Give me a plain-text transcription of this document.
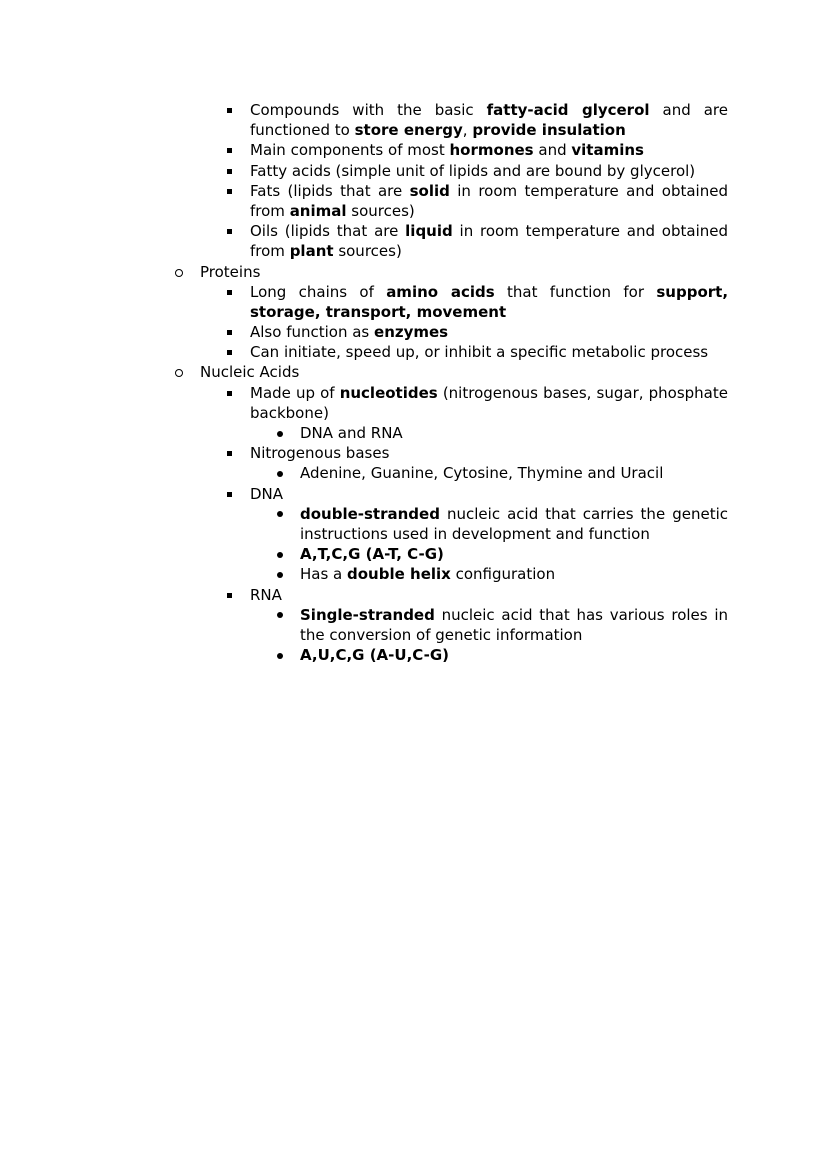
Compounds with the basic fatty-acid glycerol and are
functioned to store energy, provide insulation
Main components of most hormones and vitamins
Fatty acids (simple unit of lipids and are bound by glycerol)
Fats (lipids that are solid in room temperature and obtained
from animal sources)
Oils (lipids that are liquid in room temperature and obtained
from plant sources)
Proteins
Long chains of amino acids that function for support,
storage, transport, movement
Also function as enzymes
Can initiate, speed up, or inhibit a specific metabolic process
Nucleic Acids
Made up of nucleotides (nitrogenous bases, sugar, phosphate
backbone)
DNA and RNA
Nitrogenous bases
Adenine, Guanine, Cytosine, Thymine and Uracil
DNA
double-stranded nucleic acid that carries the genetic
instructions used in development and function
A,T,C,G (A-T, C-G)
Has a double helix configuration
RNA
Single-stranded nucleic acid that has various roles in
the conversion of genetic information
A,U,C,G (A-U,C-G)
